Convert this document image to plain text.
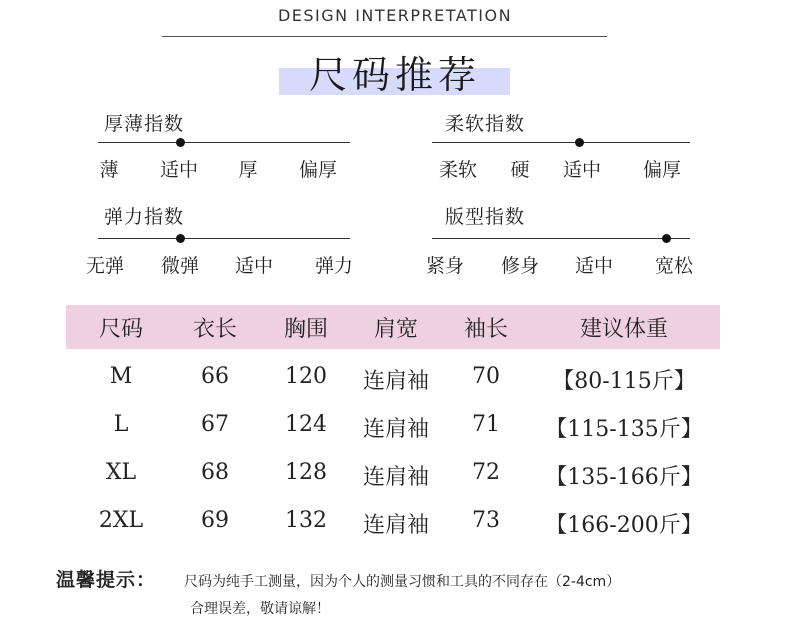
DESIGN INTERPRETATION
尺码推荐
厚薄指数
薄 适中 厚 偏厚
柔软指数
柔软 硬 适中 偏厚
弹力指数
无弹 微弹 适中 弹力
版型指数
紧身 修身 适中 宽松
尺码 衣长 胸围 肩宽 袖长	建议体重
M	66	120 连肩袖 70 【80-115斤】
L	67	124 连肩袖 71 【115-135斤】
XL	68	128 连肩袖 72 【135-166斤】
2XL	69	132 连肩袖 73 【166-200斤】
温馨提示： 尺码为纯手工测量，因为个人的测量习惯和工具的不同存在（2-4cm）
合理误差，敬请谅解！
